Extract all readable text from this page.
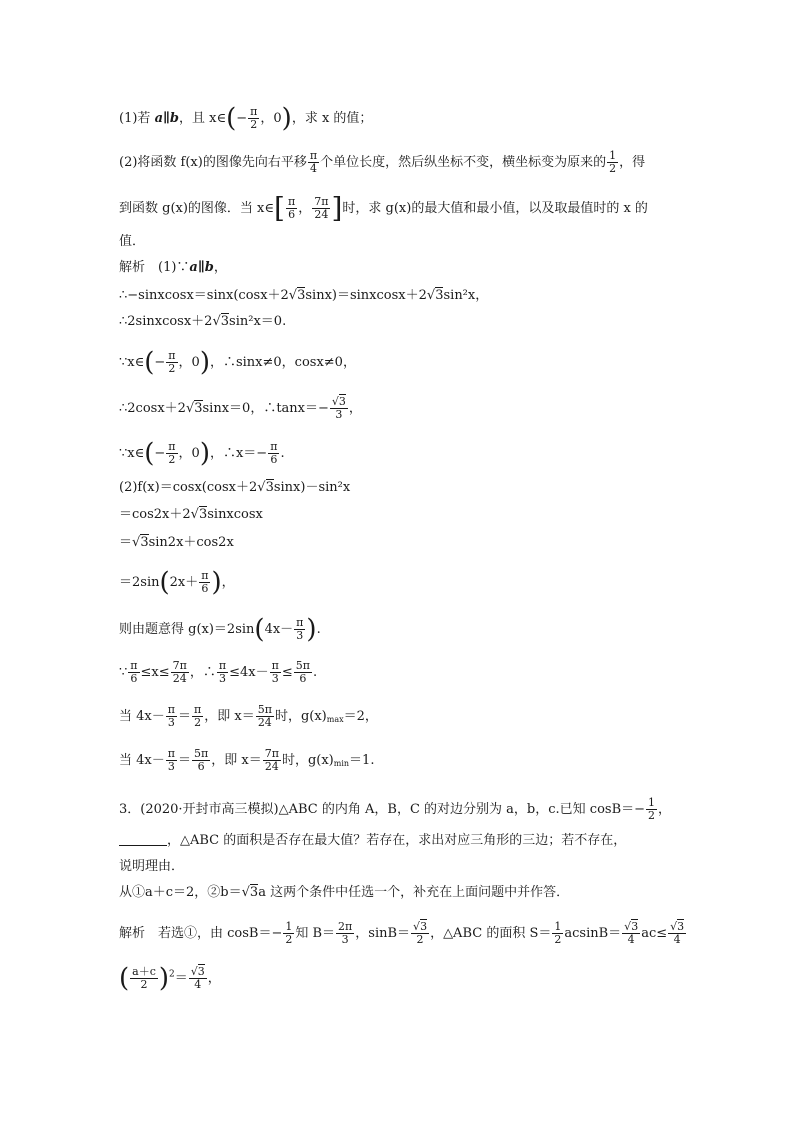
(1)若 a∥b，且 x∈(− $\frac{\pi}{2}$ ，0)，求 x 的值；
(2)将函数 f(x)的图像先向右平移 $\frac{\pi}{4}$ 个单位长度，然后纵坐标不变，横坐标变为原来的 $\frac{1}{2}$ ，得
到函数 g(x)的图像．当 x∈[ $\frac{\pi}{6}$ ， $\frac{7\pi}{24}$ ]时，求 g(x)的最大值和最小值，以及取最值时的 x 的
值．
解析　(1)∵a∥b，
∴−sinxcosx＝sinx(cosx＋2√3sinx)＝sinxcosx＋2√3sin²x，
∴2sinxcosx＋2√3sin²x＝0.
∵x∈(− $\frac{\pi}{2}$ ，0)，∴sinx≠0，cosx≠0，
∴2cosx＋2√3sinx＝0，∴tanx＝− $\frac{√3}{3}$ ，
∵x∈(− $\frac{\pi}{2}$ ，0)，∴x＝− $\frac{\pi}{6}$ .
(2)f(x)＝cosx(cosx＋2√3sinx)－sin²x
＝cos2x＋2√3sinxcosx
＝√3sin2x＋cos2x
$=2\sin(2x+ \frac{\pi}{6}$ )，
则由题意得 $g(x)=2\sin(4x- \frac{\pi}{3}$ ).
∵ $\frac{\pi}{6} \le x\le \frac{7\pi}{24}$ ，∴ $\frac{\pi}{3} \le 4x- \frac{\pi}{3} \le \frac{5\pi}{6}$ .
当 $4x- \frac{\pi}{3} = \frac{\pi}{2}$ ，即 $x= \frac{5\pi}{24}$ 时，$g(x)_{max}=2$，
当 $4x- \frac{\pi}{3} = \frac{5\pi}{6}$ ，即 $x= \frac{7\pi}{24}$ 时，$g(x)_{min}=1$.
3．(2020·开封市高三模拟)△ABC 的内角 A，B，C 的对边分别为 a，b，c.已知 $\cos B=- \frac{1}{2}$ ，
，△ABC 的面积是否存在最大值？若存在，求出对应三角形的三边；若不存在，
说明理由．
从①a＋c＝2，②b＝√3a 这两个条件中任选一个，补充在上面问题中并作答．
解析　若选①，由 $\cos B=- \frac{1}{2}$ 知 $B= \frac{2\pi}{3}$ ，$\sin B= \frac{√3}{2}$ ，△ABC 的面积 $S= \frac{1}{2} acsinB= \frac{√3}{4} ac\le \frac{√3}{4}$
( $\frac{a+c}{2} )^2= \frac{√3}{4}$ ，
